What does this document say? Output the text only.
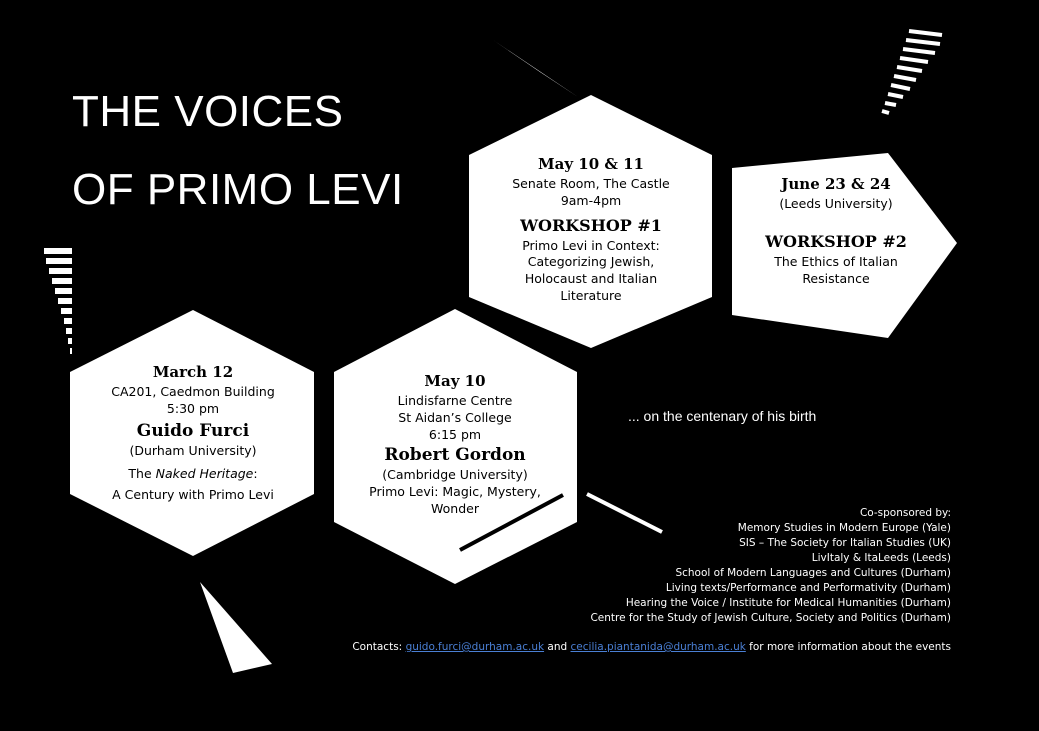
THE VOICES
OF PRIMO LEVI
March 12
CA201, Caedmon Building
5:30 pm
Guido Furci
(Durham University)
The Naked Heritage:
A Century with Primo Levi
May 10
Lindisfarne Centre
St Aidan’s College
6:15 pm
Robert Gordon
(Cambridge University)
Primo Levi: Magic, Mystery,
Wonder
May 10 & 11
Senate Room, The Castle
9am-4pm
WORKSHOP #1
Primo Levi in Context:
Categorizing Jewish,
Holocaust and Italian
Literature
June 23 & 24
(Leeds University)
WORKSHOP #2
The Ethics of Italian
Resistance
... on the centenary of his birth
Co-sponsored by:
Memory Studies in Modern Europe (Yale)
SIS – The Society for Italian Studies (UK)
LivItaly & ItaLeeds (Leeds)
School of Modern Languages and Cultures (Durham)
Living texts/Performance and Performativity (Durham)
Hearing the Voice / Institute for Medical Humanities (Durham)
Centre for the Study of Jewish Culture, Society and Politics (Durham)
Contacts: guido.furci@durham.ac.uk and cecilia.piantanida@durham.ac.uk for more information about the events
